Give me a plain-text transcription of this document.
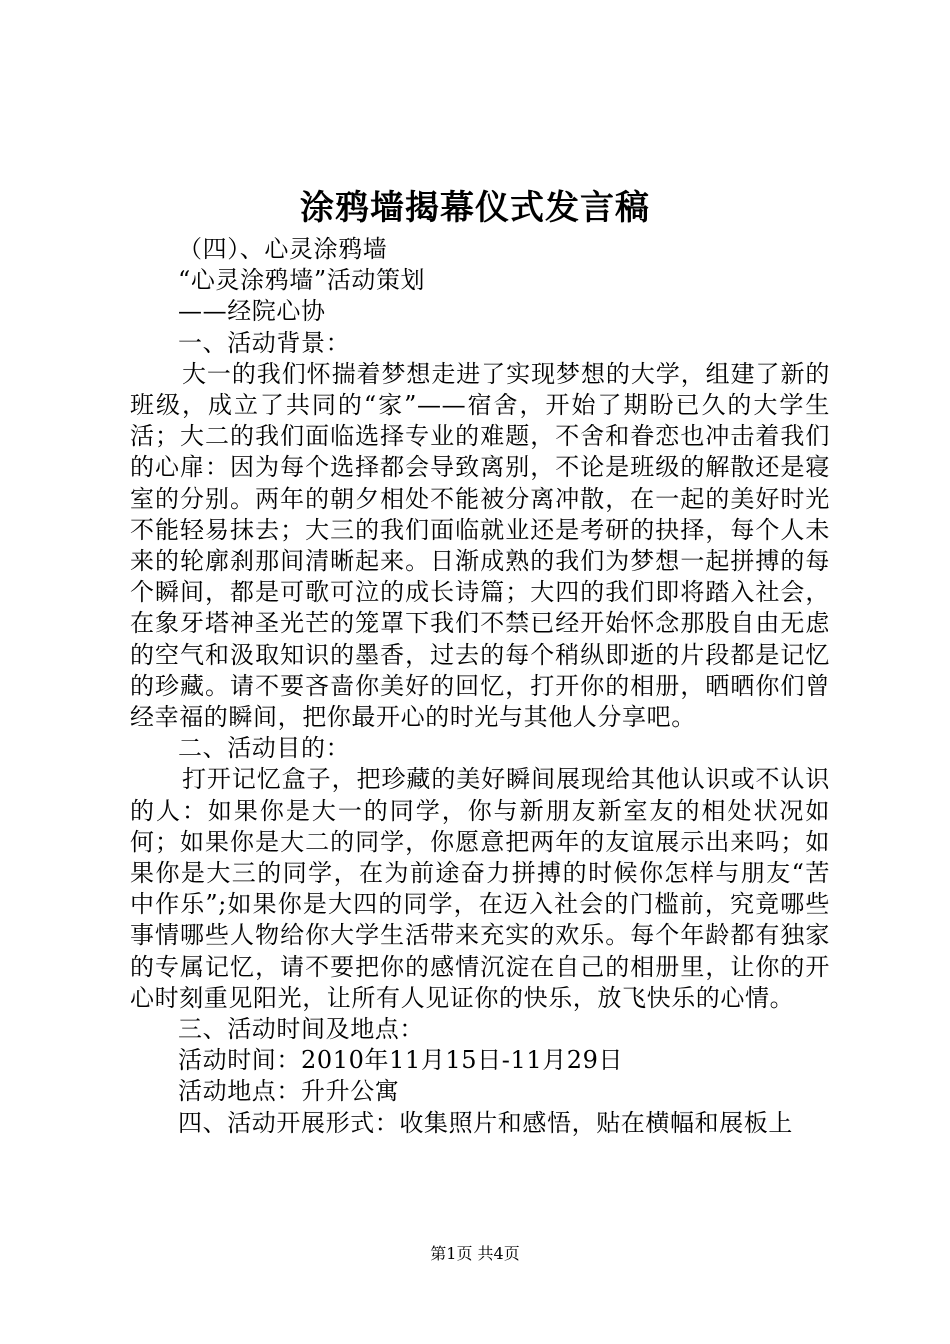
涂鸦墙揭幕仪式发言稿

（四）、心灵涂鸦墙

“心灵涂鸦墙”活动策划

——经院心协

一、活动背景：

大一的我们怀揣着梦想走进了实现梦想的大学，组建了新的班级，成立了共同的“家”——宿舍，开始了期盼已久的大学生活；大二的我们面临选择专业的难题，不舍和眷恋也冲击着我们的心扉：因为每个选择都会导致离别，不论是班级的解散还是寝室的分别。两年的朝夕相处不能被分离冲散，在一起的美好时光不能轻易抹去；大三的我们面临就业还是考研的抉择，每个人未来的轮廓刹那间清晰起来。日渐成熟的我们为梦想一起拼搏的每个瞬间，都是可歌可泣的成长诗篇；大四的我们即将踏入社会，在象牙塔神圣光芒的笼罩下我们不禁已经开始怀念那股自由无虑的空气和汲取知识的墨香，过去的每个稍纵即逝的片段都是记忆的珍藏。请不要吝啬你美好的回忆，打开你的相册，晒晒你们曾经幸福的瞬间，把你最开心的时光与其他人分享吧。

二、活动目的：

打开记忆盒子，把珍藏的美好瞬间展现给其他认识或不认识的人：如果你是大一的同学，你与新朋友新室友的相处状况如何；如果你是大二的同学，你愿意把两年的友谊展示出来吗；如果你是大三的同学，在为前途奋力拼搏的时候你怎样与朋友“苦中作乐”;如果你是大四的同学，在迈入社会的门槛前，究竟哪些事情哪些人物给你大学生活带来充实的欢乐。每个年龄都有独家的专属记忆，请不要把你的感情沉淀在自己的相册里，让你的开心时刻重见阳光，让所有人见证你的快乐，放飞快乐的心情。

三、活动时间及地点：

活动时间：2010年11月15日-11月29日

活动地点：升升公寓

四、活动开展形式：收集照片和感悟，贴在横幅和展板上

第1页 共4页
